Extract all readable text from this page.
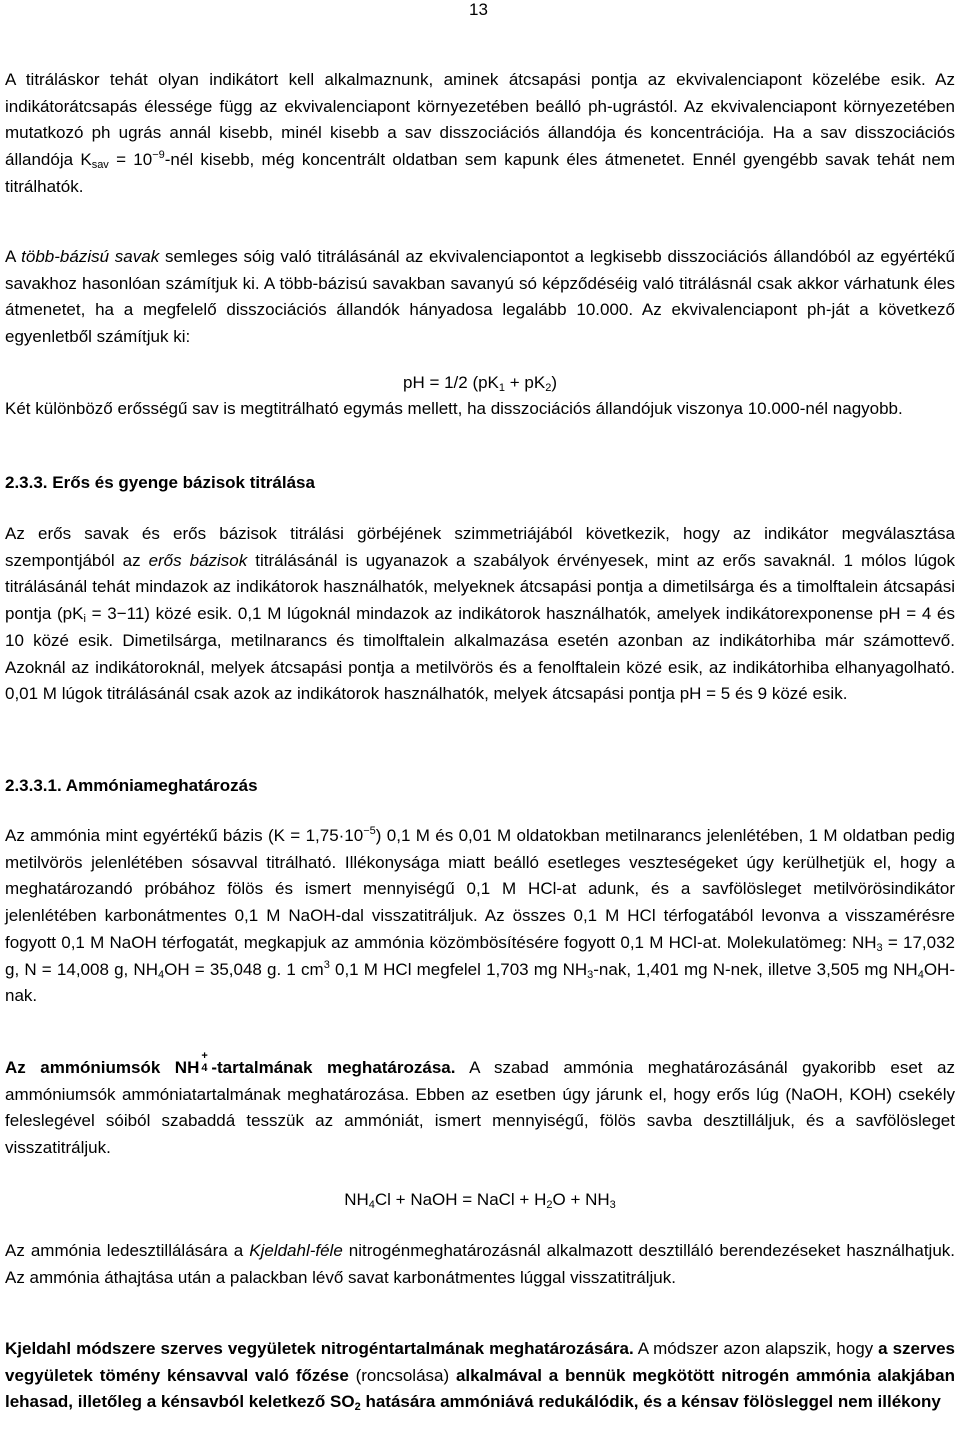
13

A titráláskor tehát olyan indikátort kell alkalmaznunk, aminek átcsapási pontja az ekvivalenciapont közelébe esik. Az indikátorátcsapás élessége függ az ekvivalenciapont környezetében beálló ph-ugrástól. Az ekvivalenciapont környezetében mutatkozó ph ugrás annál kisebb, minél kisebb a sav disszociációs állandója és koncentrációja. Ha a sav disszociációs állandója $K_{sav}$ = $10^{-9}$-nél kisebb, még koncentrált oldatban sem kapunk éles átmenetet. Ennél gyengébb savak tehát nem titrálhatók.

A több-bázisú savak semleges sóig való titrálásánál az ekvivalenciapontot a legkisebb disszociációs állandóból az egyértékű savakhoz hasonlóan számítjuk ki. A több-bázisú savakban savanyú só képződéséig való titrálásnál csak akkor várhatunk éles átmenetet, ha a megfelelő disszociációs állandók hányadosa legalább 10.000. Az ekvivalenciapont ph-ját a következő egyenletből számítjuk ki:

pH = 1/2 $(pK_1 + pK_2)$

Két különböző erősségű sav is megtitrálható egymás mellett, ha disszociációs állandójuk viszonya 10.000-nél nagyobb.

2.3.3. Erős és gyenge bázisok titrálása

Az erős savak és erős bázisok titrálási görbéjének szimmetriájából következik, hogy az indikátor megválasztása szempontjából az erős bázisok titrálásánál is ugyanazok a szabályok érvényesek, mint az erős savaknál. 1 mólos lúgok titrálásánál tehát mindazok az indikátorok használhatók, melyeknek átcsapási pontja a dimetilsárga és a timolftalein átcsapási pontja $(pK_i = 3-11)$ közé esik. 0,1 M lúgoknál mindazok az indikátorok használhatók, amelyek indikátorexponense pH = 4 és 10 közé esik. Dimetilsárga, metilnarancs és timolftalein alkalmazása esetén azonban az indikátorhiba már számottevő. Azoknál az indikátoroknál, melyek átcsapási pontja a metilvörös és a fenolftalein közé esik, az indikátorhiba elhanyagolható. 0,01 M lúgok titrálásánál csak azok az indikátorok használhatók, melyek átcsapási pontja pH = 5 és 9 közé esik.

2.3.3.1. Ammóniameghatározás

Az ammónia mint egyértékű bázis $(K = 1,75\cdot 10^{-5})$ 0,1 M és 0,01 M oldatokban metilnarancs jelenlétében, 1 M oldatban pedig metilvörös jelenlétében sósavval titrálható. Illékonysága miatt beálló esetleges veszteségeket úgy kerülhetjük el, hogy a meghatározandó próbához fölös és ismert mennyiségű 0,1 M HCl-at adunk, és a savfölösleget metilvörösindikátor jelenlétében karbonátmentes 0,1 M NaOH-dal visszatitráljuk. Az összes 0,1 M HCl térfogatából levonva a visszamérésre fogyott 0,1 M NaOH térfogatát, megkapjuk az ammónia közömbösítésére fogyott 0,1 M HCl-at. Molekulatömeg: $NH_3 = 17,032$ g, N = 14,008 g, $NH_4OH = 35,048$ g. 1 $cm^3$ 0,1 M HCl megfelel 1,703 mg $NH_3$-nak, 1,401 mg N-nek, illetve 3,505 mg $NH_4OH$-nak.

Az ammóniumsók NH
+
4 -tartalmának meghatározása. A szabad ammónia meghatározásánál gyakoribb eset az ammóniumsók ammóniatartalmának meghatározása. Ebben az esetben úgy járunk el, hogy erős lúg (NaOH, KOH) csekély feleslegével sóiból szabaddá tesszük az ammóniát, ismert mennyiségű, fölös savba desztilláljuk, és a savfölösleget visszatitráljuk.

$NH_4Cl$ + NaOH = NaCl + $H_2O + NH_3$

Az ammónia ledesztillálására a Kjeldahl-féle nitrogénmeghatározásnál alkalmazott desztilláló berendezéseket használhatjuk. Az ammónia áthajtása után a palackban lévő savat karbonátmentes lúggal visszatitráljuk.

Kjeldahl módszere szerves vegyületek nitrogéntartalmának meghatározására. A módszer azon alapszik, hogy a szerves vegyületek tömény kénsavval való főzése (roncsolása) alkalmával a bennük megkötött nitrogén ammónia alakjában lehasad, illetőleg a kénsavból keletkező $SO_2$ hatására ammóniává redukálódik, és a kénsav fölösleggel nem illékony
